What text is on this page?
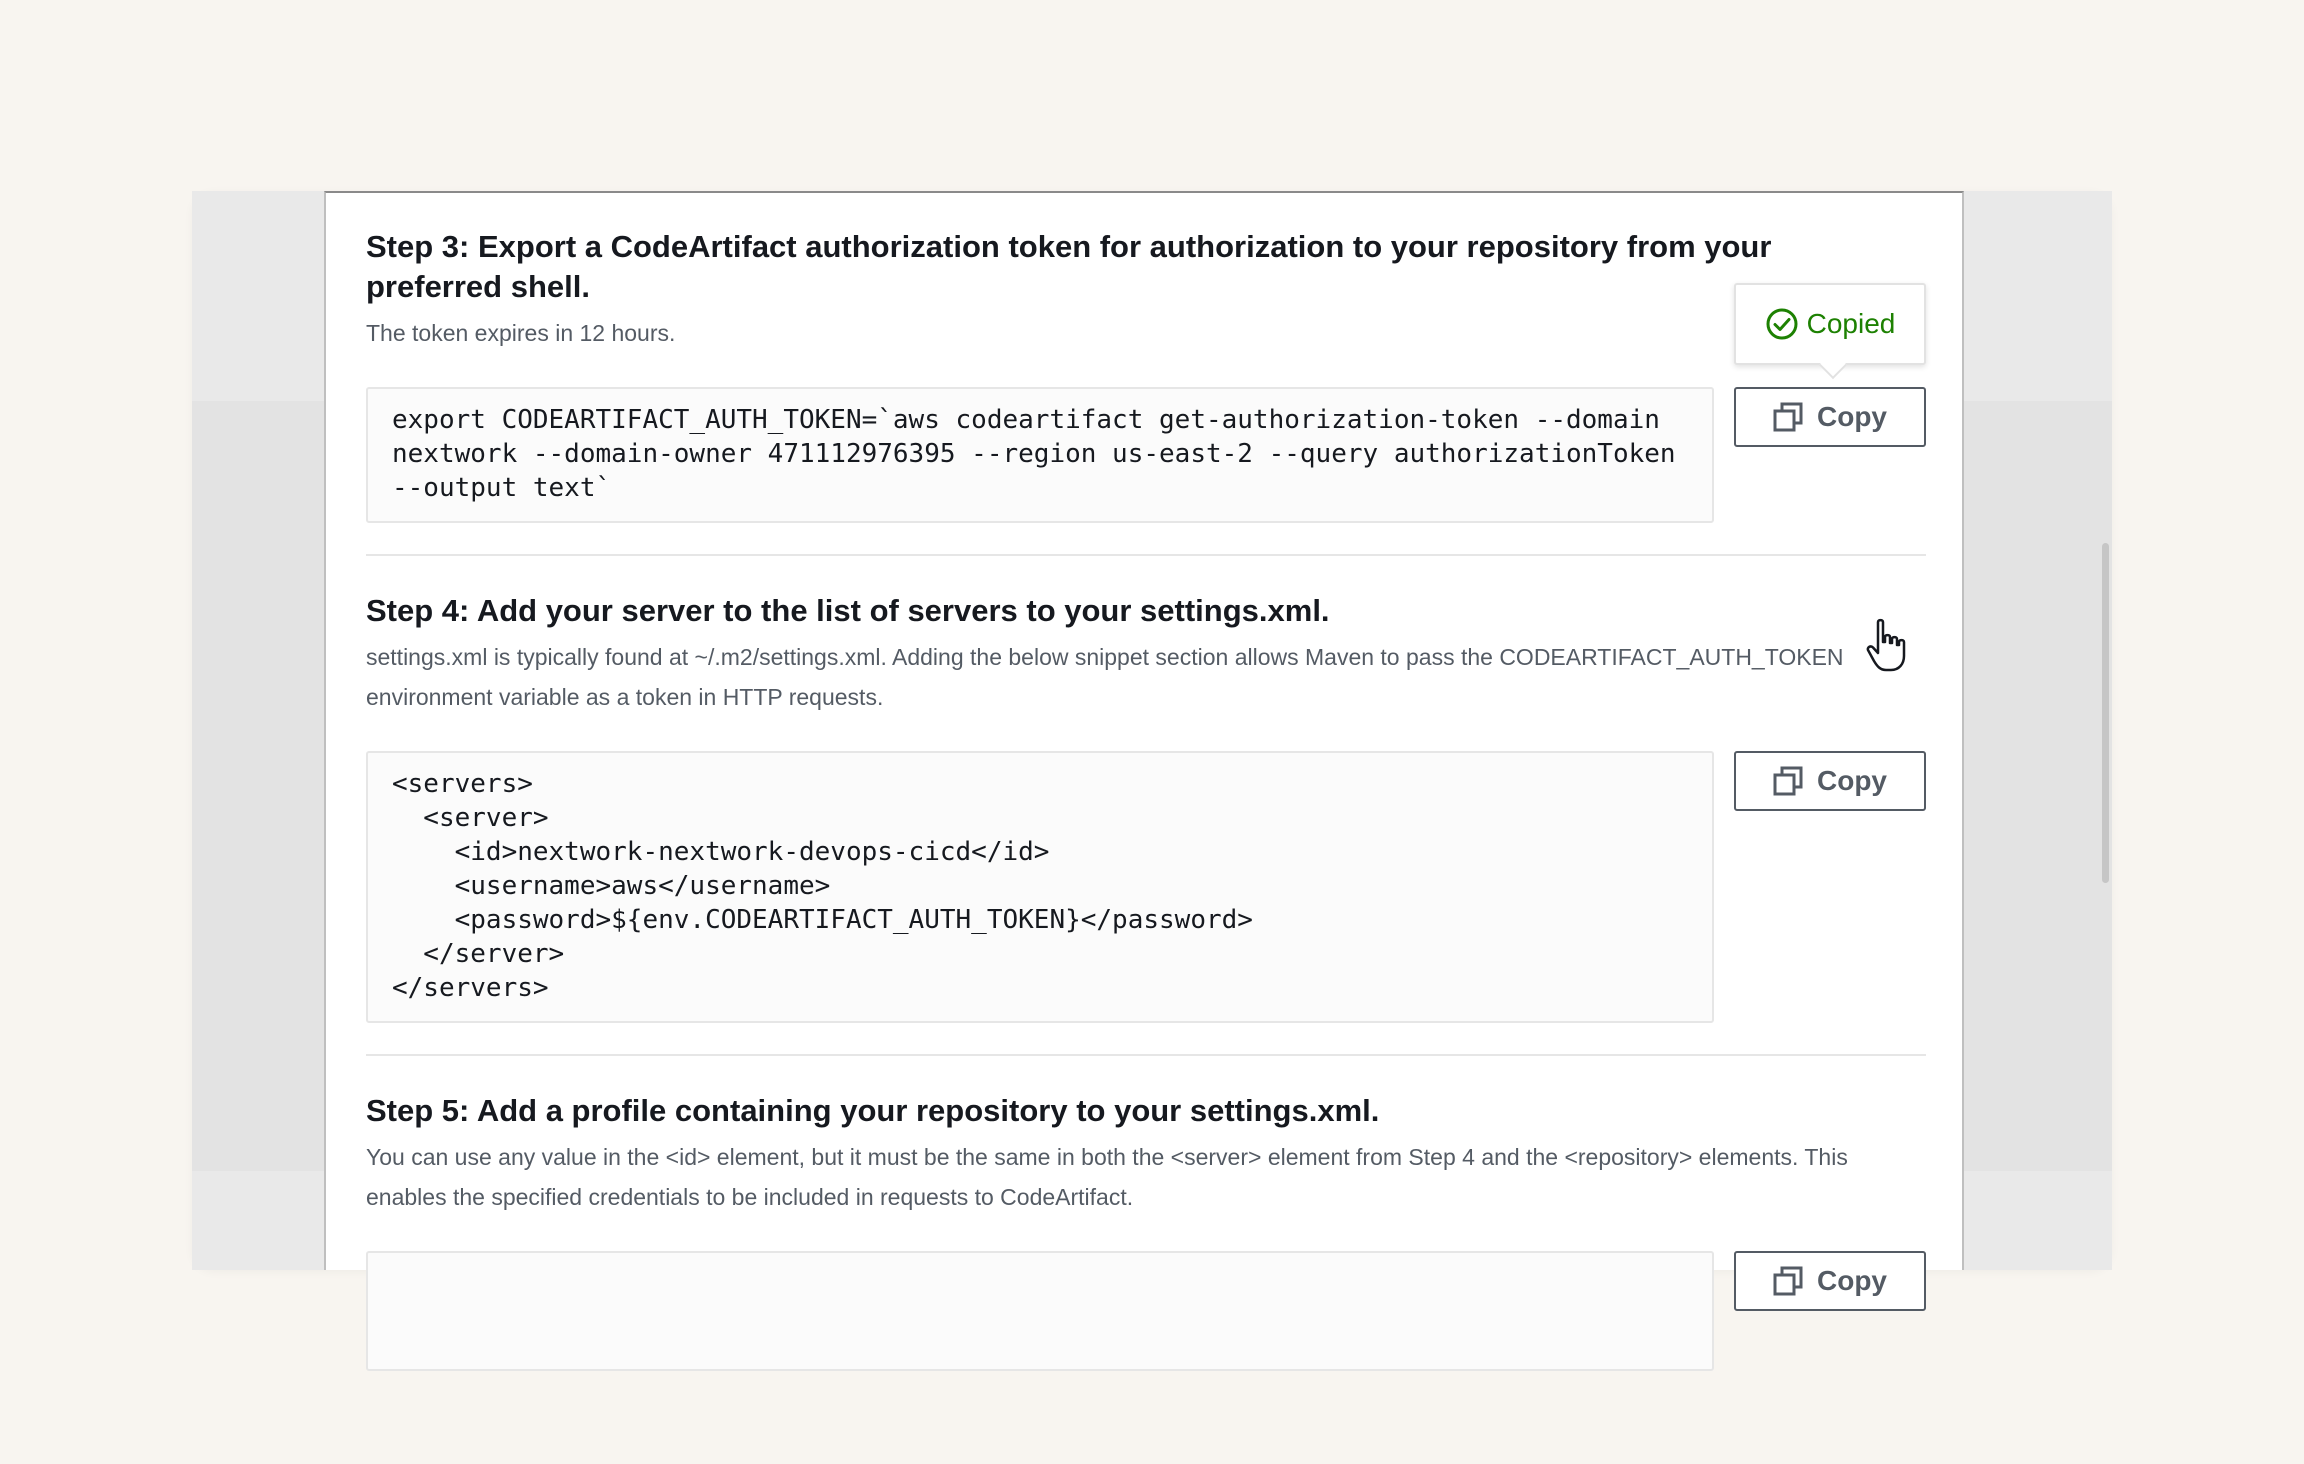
Step 3: Export a CodeArtifact authorization token for authorization to your repository from your preferred shell.

The token expires in 12 hours.	Copied
export CODEARTIFACT_AUTH_TOKEN=`aws codeartifact get-authorization-token --domain
nextwork --domain-owner 471112976395 --region us-east-2 --query authorizationToken
--output text`
Copy
Step 4: Add your server to the list of servers to your settings.xml.

settings.xml is typically found at ~/.m2/settings.xml. Adding the below snippet section allows Maven to pass the CODEARTIFACT_AUTH_TOKEN environment variable as a token in HTTP requests.

<servers>
<server>
<id>nextwork-nextwork-devops-cicd</id>
<username>aws</username>
<password>${env.CODEARTIFACT_AUTH_TOKEN}</password>
</server>
</servers>
Copy
Step 5: Add a profile containing your repository to your settings.xml.

You can use any value in the <id> element, but it must be the same in both the <server> element from Step 4 and the <repository> elements. This enables the specified credentials to be included in requests to CodeArtifact.

Copy
